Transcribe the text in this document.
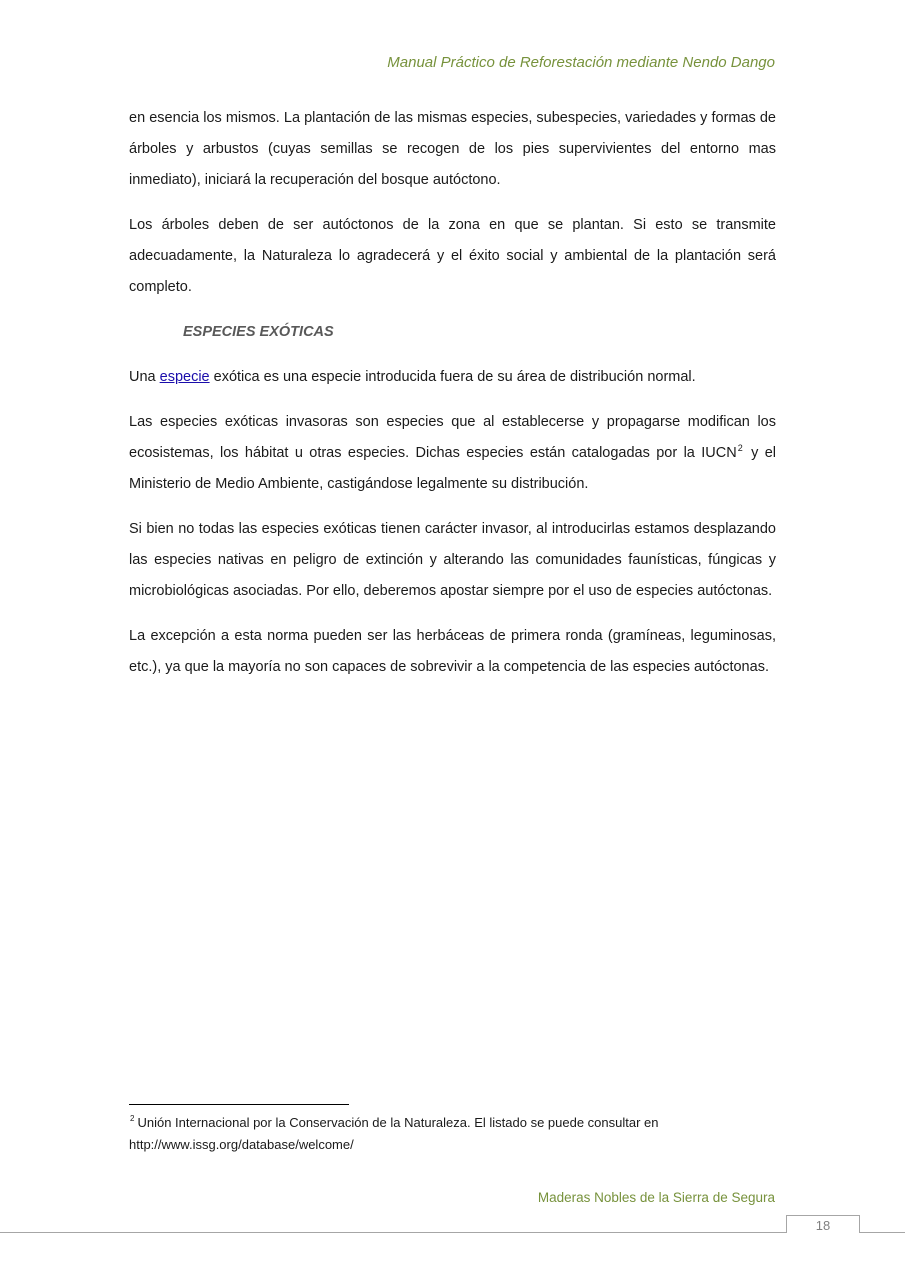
Manual Práctico de Reforestación mediante Nendo Dango

en esencia los mismos. La plantación de las mismas especies, subespecies, variedades y formas de árboles y arbustos (cuyas semillas se recogen de los pies supervivientes del entorno mas inmediato), iniciará la recuperación del bosque autóctono.

Los árboles deben de ser autóctonos de la zona en que se plantan. Si esto se transmite adecuadamente, la Naturaleza lo agradecerá y el éxito social y ambiental de la plantación será completo.

ESPECIES EXÓTICAS

Una especie exótica es una especie introducida fuera de su área de distribución normal.

Las especies exóticas invasoras son especies que al establecerse y propagarse modifican los ecosistemas, los hábitat u otras especies. Dichas especies están catalogadas por la IUCN$^2$ y el Ministerio de Medio Ambiente, castigándose legalmente su distribución.

Si bien no todas las especies exóticas tienen carácter invasor, al introducirlas estamos desplazando las especies nativas en peligro de extinción y alterando las comunidades faunísticas, fúngicas y microbiológicas asociadas. Por ello, deberemos apostar siempre por el uso de especies autóctonas.

La excepción a esta norma pueden ser las herbáceas de primera ronda (gramíneas, leguminosas, etc.), ya que la mayoría no son capaces de sobrevivir a la competencia de las especies autóctonas.

$^2$ Unión Internacional por la Conservación de la Naturaleza. El listado se puede consultar en
http://www.issg.org/database/welcome/
Maderas Nobles de la Sierra de Segura
18
